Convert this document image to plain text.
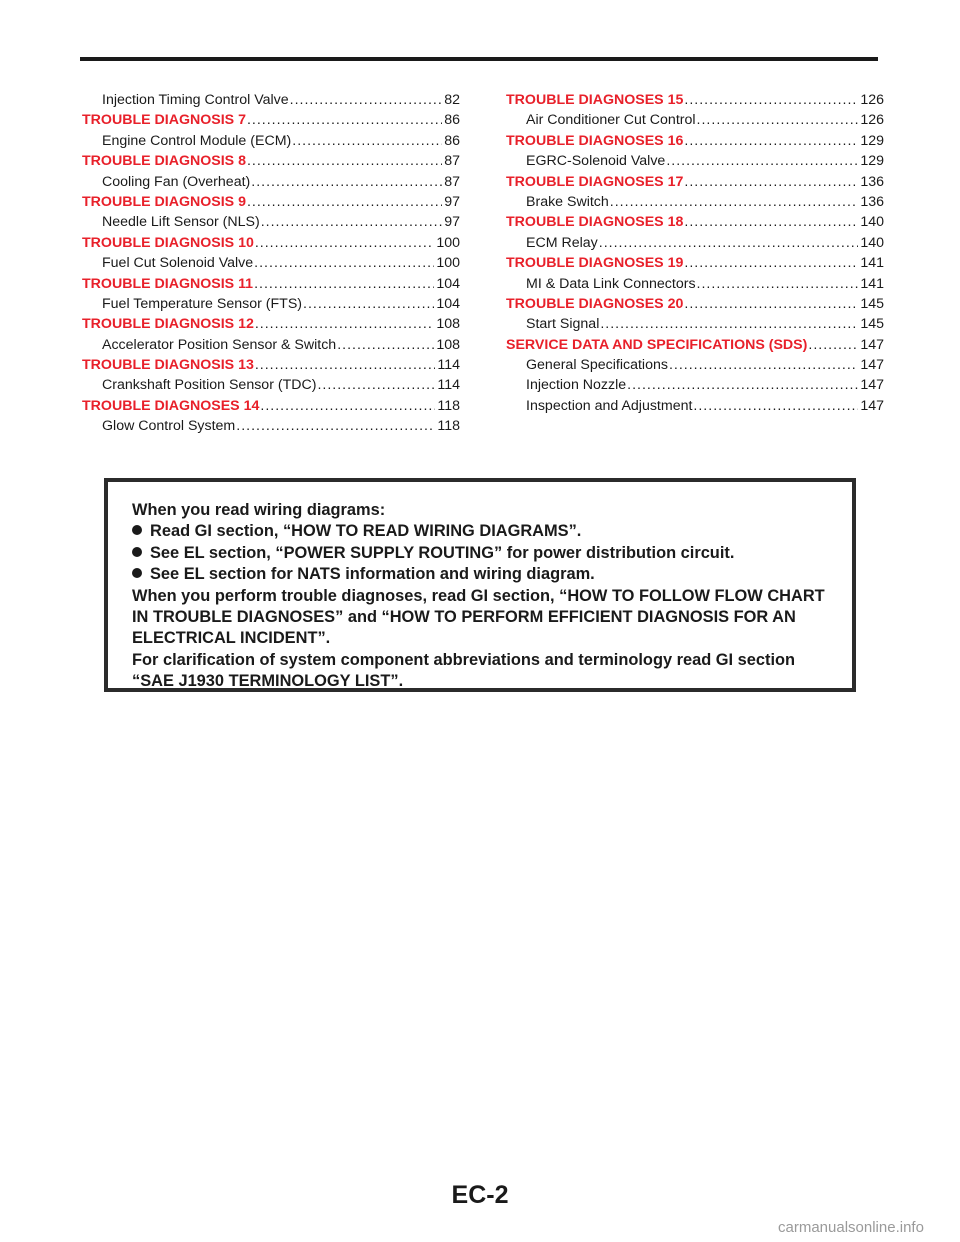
Injection Timing Control Valve .....	82
TROUBLE DIAGNOSIS 7 .....	86
Engine Control Module (ECM) .....	86
TROUBLE DIAGNOSIS 8 .....	87
Cooling Fan (Overheat) .....	87
TROUBLE DIAGNOSIS 9 .....	97
Needle Lift Sensor (NLS) .....	97
TROUBLE DIAGNOSIS 10 .....	100
Fuel Cut Solenoid Valve .....	100
TROUBLE DIAGNOSIS 11 .....	104
Fuel Temperature Sensor (FTS) .....	104
TROUBLE DIAGNOSIS 12 .....	108
Accelerator Position Sensor & Switch .....	108
TROUBLE DIAGNOSIS 13 .....	114
Crankshaft Position Sensor (TDC) .....	114
TROUBLE DIAGNOSES 14 .....	118
Glow Control System .....	118
TROUBLE DIAGNOSES 15 .....	126
Air Conditioner Cut Control .....	126
TROUBLE DIAGNOSES 16 .....	129
EGRC-Solenoid Valve .....	129
TROUBLE DIAGNOSES 17 .....	136
Brake Switch .....	136
TROUBLE DIAGNOSES 18 .....	140
ECM Relay .....	140
TROUBLE DIAGNOSES 19 .....	141
MI & Data Link Connectors .....	141
TROUBLE DIAGNOSES 20 .....	145
Start Signal .....	145
SERVICE DATA AND SPECIFICATIONS (SDS) .....	147
General Specifications .....	147
Injection Nozzle .....	147
Inspection and Adjustment .....	147
When you read wiring diagrams:
Read GI section, “HOW TO READ WIRING DIAGRAMS”.
See EL section, “POWER SUPPLY ROUTING” for power distribution circuit.
See EL section for NATS information and wiring diagram.
When you perform trouble diagnoses, read GI section, “HOW TO FOLLOW FLOW CHART
IN TROUBLE DIAGNOSES” and “HOW TO PERFORM EFFICIENT DIAGNOSIS FOR AN
ELECTRICAL INCIDENT”.
For clarification of system component abbreviations and terminology read GI section
“SAE J1930 TERMINOLOGY LIST”.
EC-2
carmanualsonline.info
